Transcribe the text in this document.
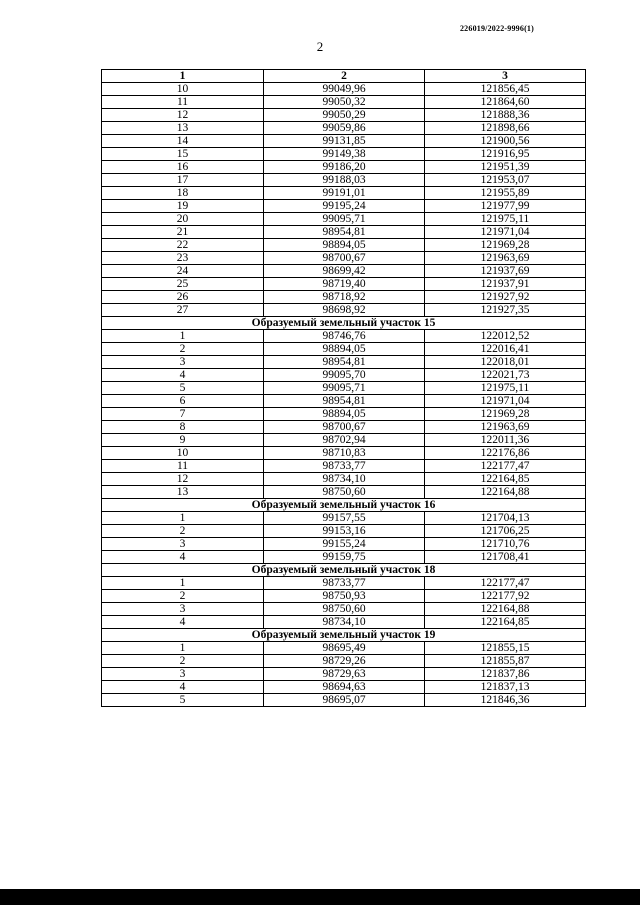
226019/2022-9996(1)
2
1	2	3
10	99049,96	121856,45
11	99050,32	121864,60
12	99050,29	121888,36
13	99059,86	121898,66
14	99131,85	121900,56
15	99149,38	121916,95
16	99186,20	121951,39
17	99188,03	121953,07
18	99191,01	121955,89
19	99195,24	121977,99
20	99095,71	121975,11
21	98954,81	121971,04
22	98894,05	121969,28
23	98700,67	121963,69
24	98699,42	121937,69
25	98719,40	121937,91
26	98718,92	121927,92
27	98698,92	121927,35
Образуемый земельный участок 15		
1	98746,76	122012,52
2	98894,05	122016,41
3	98954,81	122018,01
4	99095,70	122021,73
5	99095,71	121975,11
6	98954,81	121971,04
7	98894,05	121969,28
8	98700,67	121963,69
9	98702,94	122011,36
10	98710,83	122176,86
11	98733,77	122177,47
12	98734,10	122164,85
13	98750,60	122164,88
Образуемый земельный участок 16		
1	99157,55	121704,13
2	99153,16	121706,25
3	99155,24	121710,76
4	99159,75	121708,41
Образуемый земельный участок 18		
1	98733,77	122177,47
2	98750,93	122177,92
3	98750,60	122164,88
4	98734,10	122164,85
Образуемый земельный участок 19		
1	98695,49	121855,15
2	98729,26	121855,87
3	98729,63	121837,86
4	98694,63	121837,13
5	98695,07	121846,36
